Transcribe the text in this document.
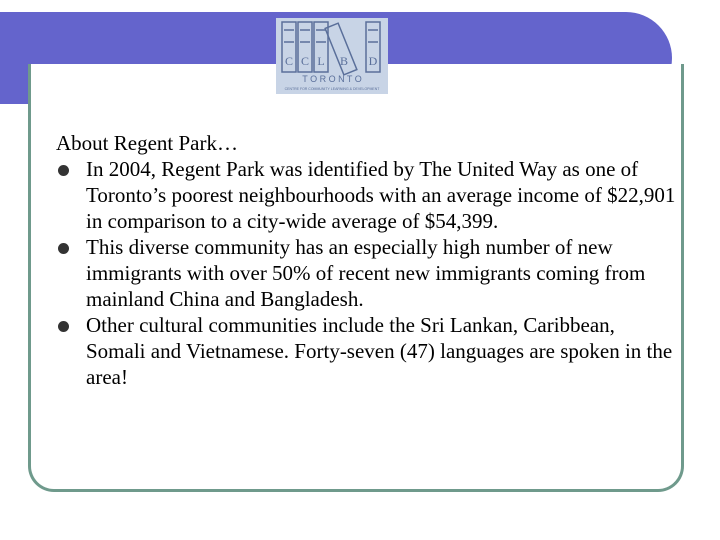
C C L B D
T O R O N T O
CENTRE FOR COMMUNITY LEARNING & DEVELOPMENT

About Regent Park…

In 2004, Regent Park was identified by The United Way as one of Toronto’s poorest neighbourhoods with an average income of $22,901 in comparison to a city-wide average of $54,399.
This diverse community has an especially high number of new immigrants with over 50% of recent new immigrants coming from mainland China and Bangladesh.
Other cultural communities include the Sri Lankan, Caribbean, Somali and Vietnamese. Forty-seven (47) languages are spoken in the area!
